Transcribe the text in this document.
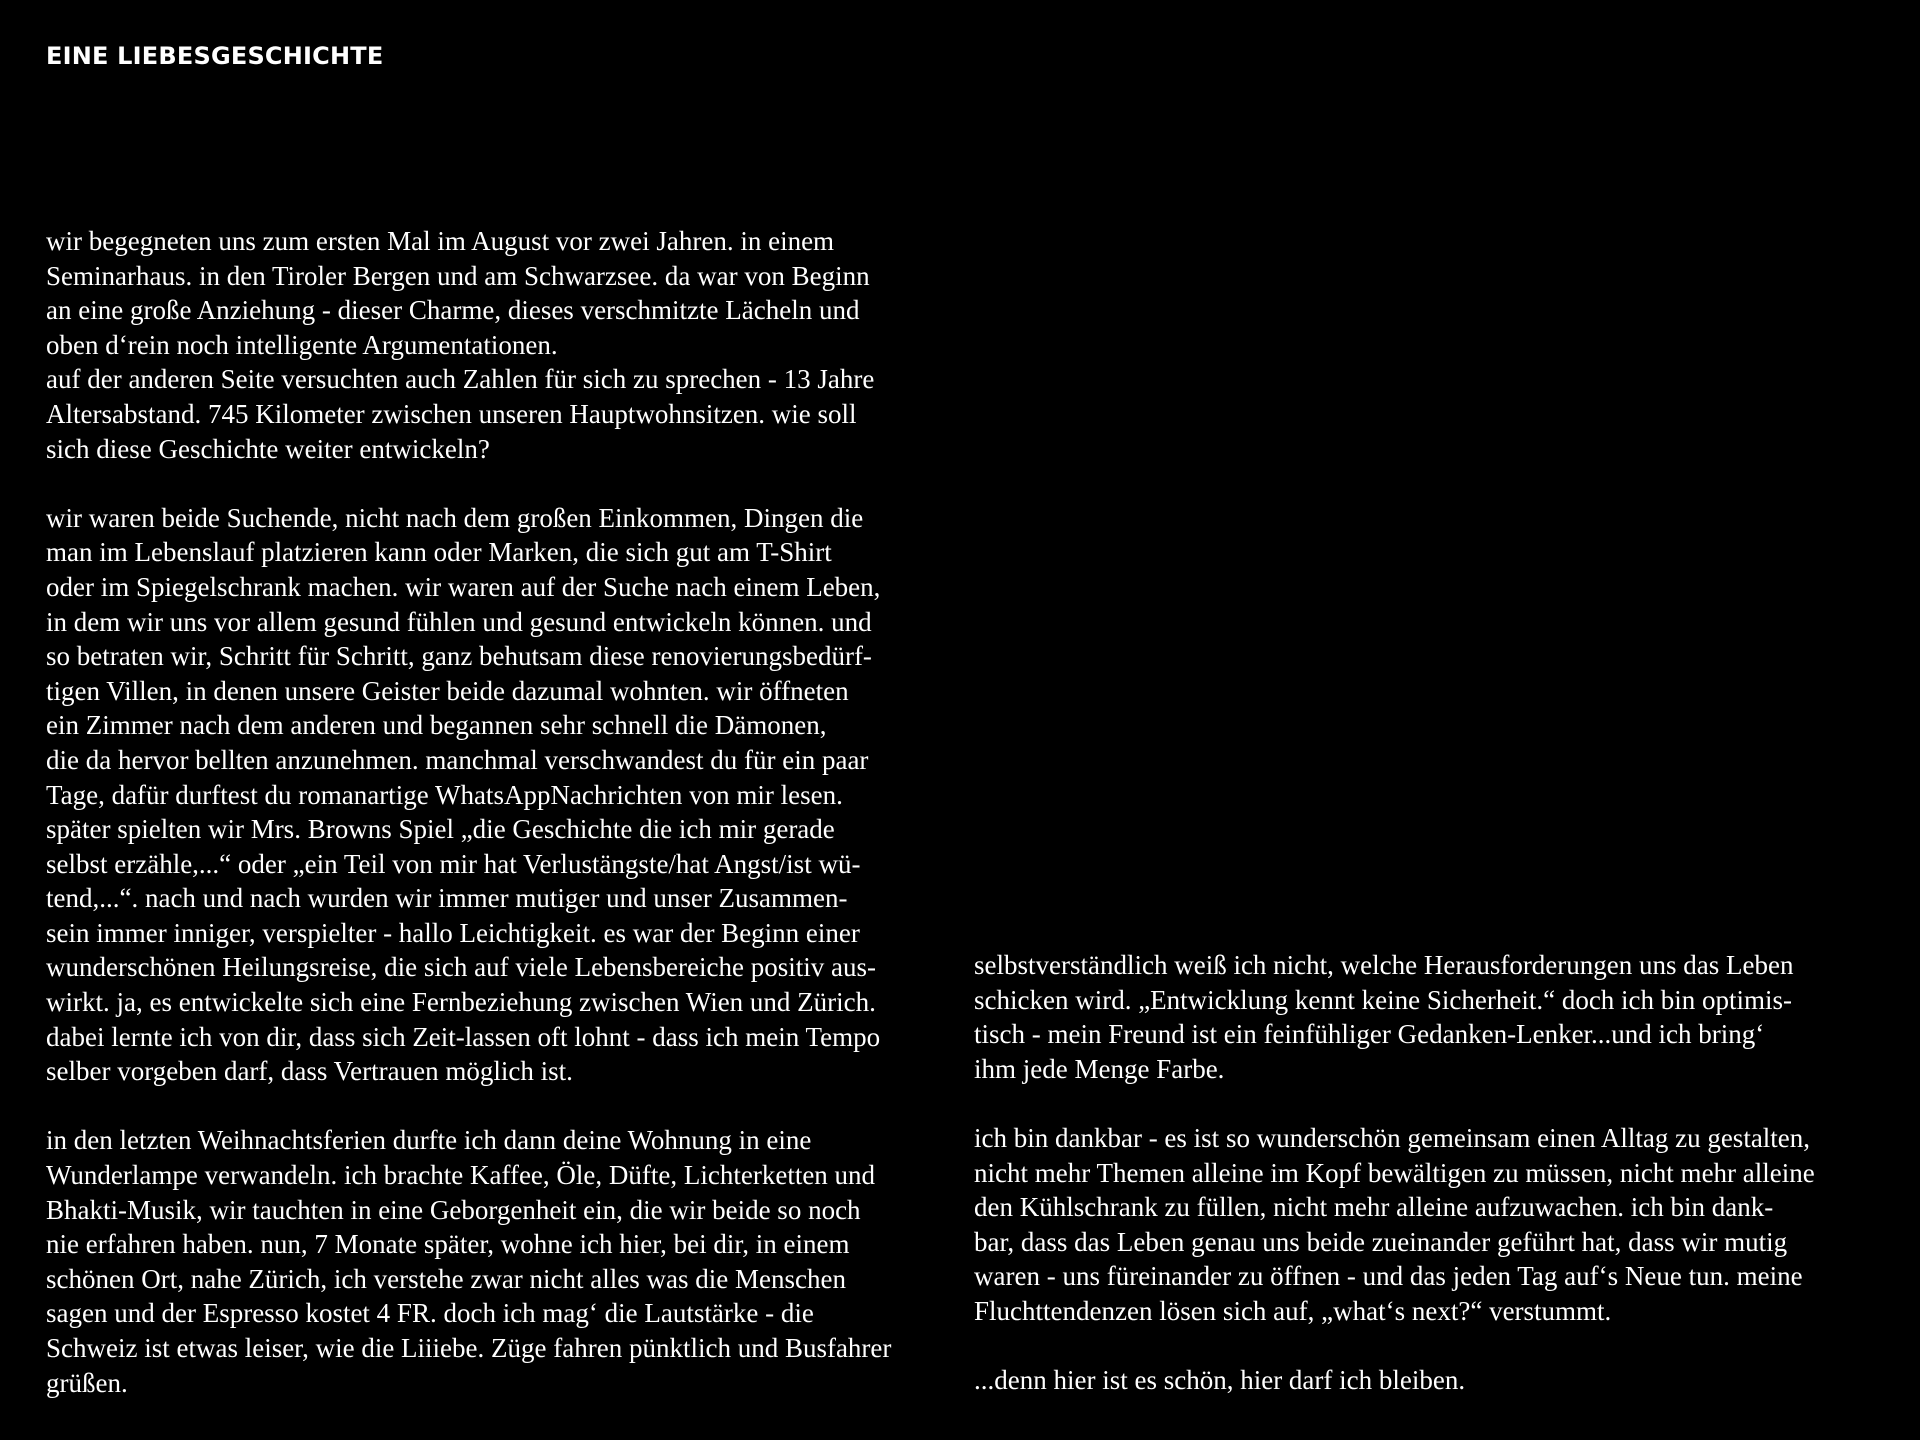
EINE LIEBESGESCHICHTE

wir begegneten uns zum ersten Mal im August vor zwei Jahren. in einem
Seminarhaus. in den Tiroler Bergen und am Schwarzsee. da war von Beginn
an eine große Anziehung - dieser Charme, dieses verschmitzte Lächeln und
oben d‘rein noch intelligente Argumentationen.
auf der anderen Seite versuchten auch Zahlen für sich zu sprechen - 13 Jahre
Altersabstand. 745 Kilometer zwischen unseren Hauptwohnsitzen. wie soll
sich diese Geschichte weiter entwickeln?

wir waren beide Suchende, nicht nach dem großen Einkommen, Dingen die
man im Lebenslauf platzieren kann oder Marken, die sich gut am T-Shirt
oder im Spiegelschrank machen. wir waren auf der Suche nach einem Leben,
in dem wir uns vor allem gesund fühlen und gesund entwickeln können. und
so betraten wir, Schritt für Schritt, ganz behutsam diese renovierungsbedürf-
tigen Villen, in denen unsere Geister beide dazumal wohnten. wir öffneten
ein Zimmer nach dem anderen und begannen sehr schnell die Dämonen,
die da hervor bellten anzunehmen. manchmal verschwandest du für ein paar
Tage, dafür durftest du romanartige WhatsAppNachrichten von mir lesen.
später spielten wir Mrs. Browns Spiel „die Geschichte die ich mir gerade
selbst erzähle,...“ oder „ein Teil von mir hat Verlustängste/hat Angst/ist wü-
tend,...“. nach und nach wurden wir immer mutiger und unser Zusammen-
sein immer inniger, verspielter - hallo Leichtigkeit. es war der Beginn einer
wunderschönen Heilungsreise, die sich auf viele Lebensbereiche positiv aus-
wirkt. ja, es entwickelte sich eine Fernbeziehung zwischen Wien und Zürich.
dabei lernte ich von dir, dass sich Zeit-lassen oft lohnt - dass ich mein Tempo
selber vorgeben darf, dass Vertrauen möglich ist.

in den letzten Weihnachtsferien durfte ich dann deine Wohnung in eine
Wunderlampe verwandeln. ich brachte Kaffee, Öle, Düfte, Lichterketten und
Bhakti-Musik, wir tauchten in eine Geborgenheit ein, die wir beide so noch
nie erfahren haben. nun, 7 Monate später, wohne ich hier, bei dir, in einem
schönen Ort, nahe Zürich, ich verstehe zwar nicht alles was die Menschen
sagen und der Espresso kostet 4 FR. doch ich mag‘ die Lautstärke - die
Schweiz ist etwas leiser, wie die Liiiebe. Züge fahren pünktlich und Busfahrer
grüßen.

selbstverständlich weiß ich nicht, welche Herausforderungen uns das Leben
schicken wird. „Entwicklung kennt keine Sicherheit.“ doch ich bin optimis-
tisch - mein Freund ist ein feinfühliger Gedanken-Lenker...und ich bring‘
ihm jede Menge Farbe.

ich bin dankbar - es ist so wunderschön gemeinsam einen Alltag zu gestalten,
nicht mehr Themen alleine im Kopf bewältigen zu müssen, nicht mehr alleine
den Kühlschrank zu füllen, nicht mehr alleine aufzuwachen. ich bin dank-
bar, dass das Leben genau uns beide zueinander geführt hat, dass wir mutig
waren - uns füreinander zu öffnen - und das jeden Tag auf‘s Neue tun. meine
Fluchttendenzen lösen sich auf, „what‘s next?“ verstummt.

...denn hier ist es schön, hier darf ich bleiben.
